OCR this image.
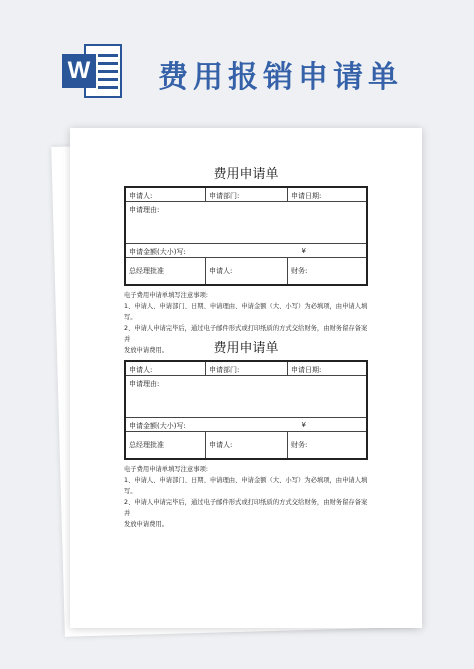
W 费用报销申请单
费用申请单
申请人:	申请部门:	申请日期:
申请理由:
申请金额(大小)写:	¥
总经理批准	申请人:	财务:

电子费用申请单填写注意事项:

1、申请人、申请部门、日期、申请理由、申请金额（大、小写）为必填项，由申请人填写。

2、申请人申请完毕后，通过电子邮件形式或打印纸质的方式交给财务，由财务留存备案并

发放申请费用。	费用申请单
申请人:	申请部门:	申请日期:
申请理由:
申请金额(大小)写:	¥
总经理批准	申请人:	财务:

电子费用申请单填写注意事项:

1、申请人、申请部门、日期、申请理由、申请金额（大、小写）为必填项，由申请人填写。

2、申请人申请完毕后，通过电子邮件形式或打印纸质的方式交给财务，由财务留存备案并

发放申请费用。
